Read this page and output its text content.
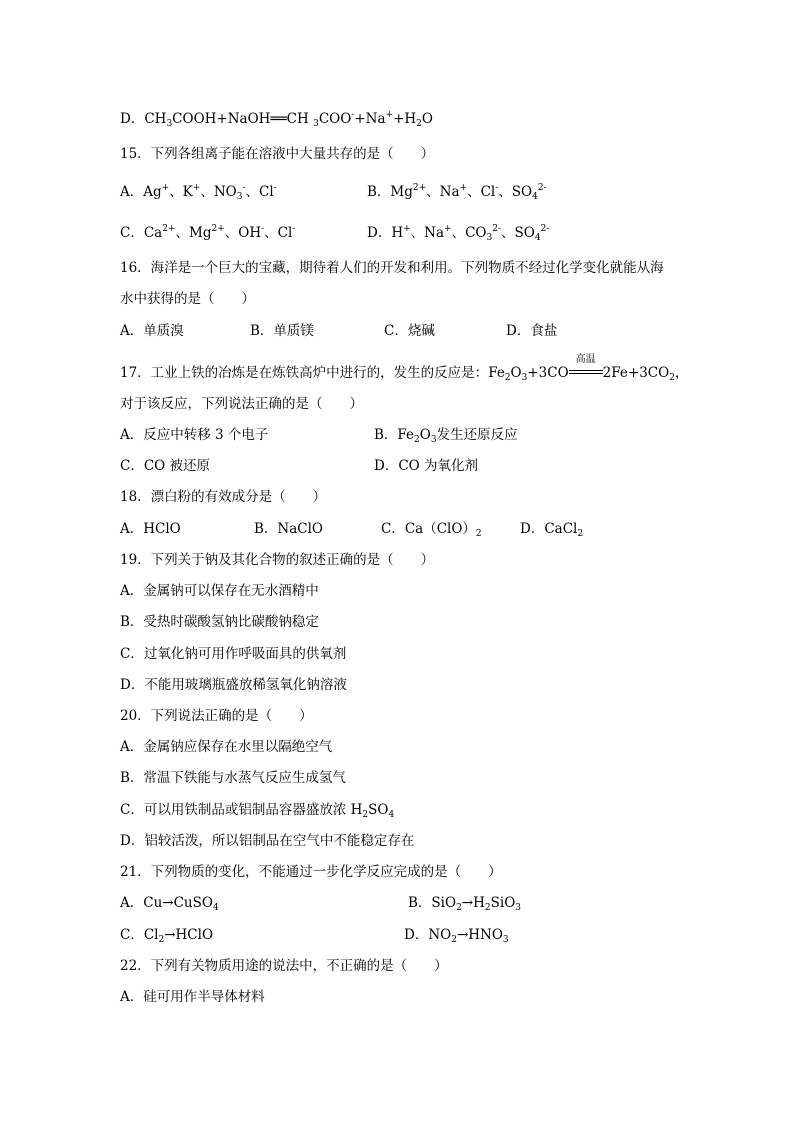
D．$CH_3COOH+NaOH══CH$ $_3COO^-+Na^++H_2O$
15．下列各组离子能在溶液中大量共存的是（　　）
A．Ag+、K+、$NO_3^-$、Cl-	B．$Mg^{2+}$、Na+、Cl-、$SO_4^{2-}$
C．$Ca^{2+}$、$Mg^{2+}$、OH-、Cl-	D．H+、Na+、$CO_3^{2-}$、$SO_4^{2-}$
16．海洋是一个巨大的宝藏，期待着人们的开发和利用。下列物质不经过化学变化就能从海
水中获得的是（　　）
A．单质溴	B．单质镁	C．烧碱	D．食盐
17．工业上铁的冶炼是在炼铁高炉中进行的，发生的反应是：$Fe_2O_3+3CO$
高温
$2Fe+3CO_2$，
对于该反应，下列说法正确的是（　　）
A．反应中转移 3 个电子	B．$Fe_2O_3$发生还原反应
C．CO 被还原	D．CO 为氧化剂
18．漂白粉的有效成分是（　　）
A．HClO	B．NaClO	C．$Ca(ClO)_2$	D．CaCl$_2$
19．下列关于钠及其化合物的叙述正确的是（　　）
A．金属钠可以保存在无水酒精中
B．受热时碳酸氢钠比碳酸钠稳定
C．过氧化钠可用作呼吸面具的供氧剂
D．不能用玻璃瓶盛放稀氢氧化钠溶液
20．下列说法正确的是（　　）
A．金属钠应保存在水里以隔绝空气
B．常温下铁能与水蒸气反应生成氢气
C．可以用铁制品或铝制品容器盛放浓 $H_2SO_4$
D．铝较活泼，所以铝制品在空气中不能稳定存在
21．下列物质的变化，不能通过一步化学反应完成的是（　　）
A．Cu→CuSO$_4$	B．$SiO_2\to H_2SiO_3$
C．$Cl_2\to HClO$	D．$NO_2\to HNO_3$
22．下列有关物质用途的说法中，不正确的是（　　）
A．硅可用作半导体材料
